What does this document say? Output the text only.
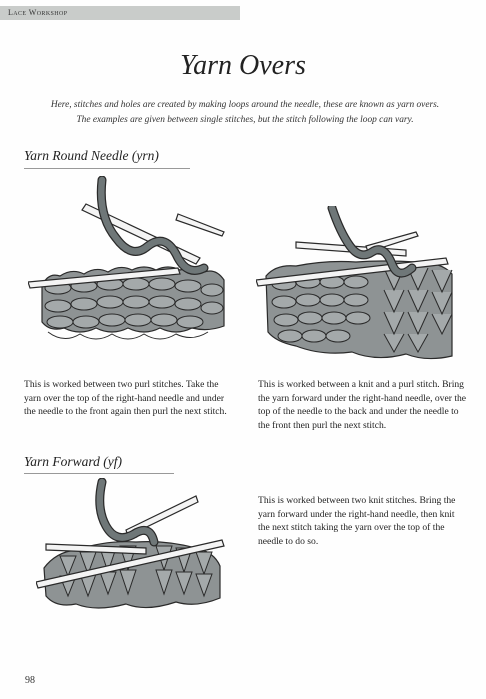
Lace Workshop
Yarn Overs
Here, stitches and holes are created by making loops around the needle, these are known as yarn overs.
The examples are given between single stitches, but the stitch following the loop can vary.
Yarn Round Needle (yrn)
This is worked between two purl stitches. Take the yarn over the top of the right-hand needle and under the needle to the front again then purl the next stitch.
This is worked between a knit and a purl stitch. Bring the yarn forward under the right-hand needle, over the top of the needle to the back and under the needle to the front then purl the next stitch.
Yarn Forward (yf)
This is worked between two knit stitches. Bring the yarn forward under the right-hand needle, then knit the next stitch taking the yarn over the top of the needle to do so.
98
